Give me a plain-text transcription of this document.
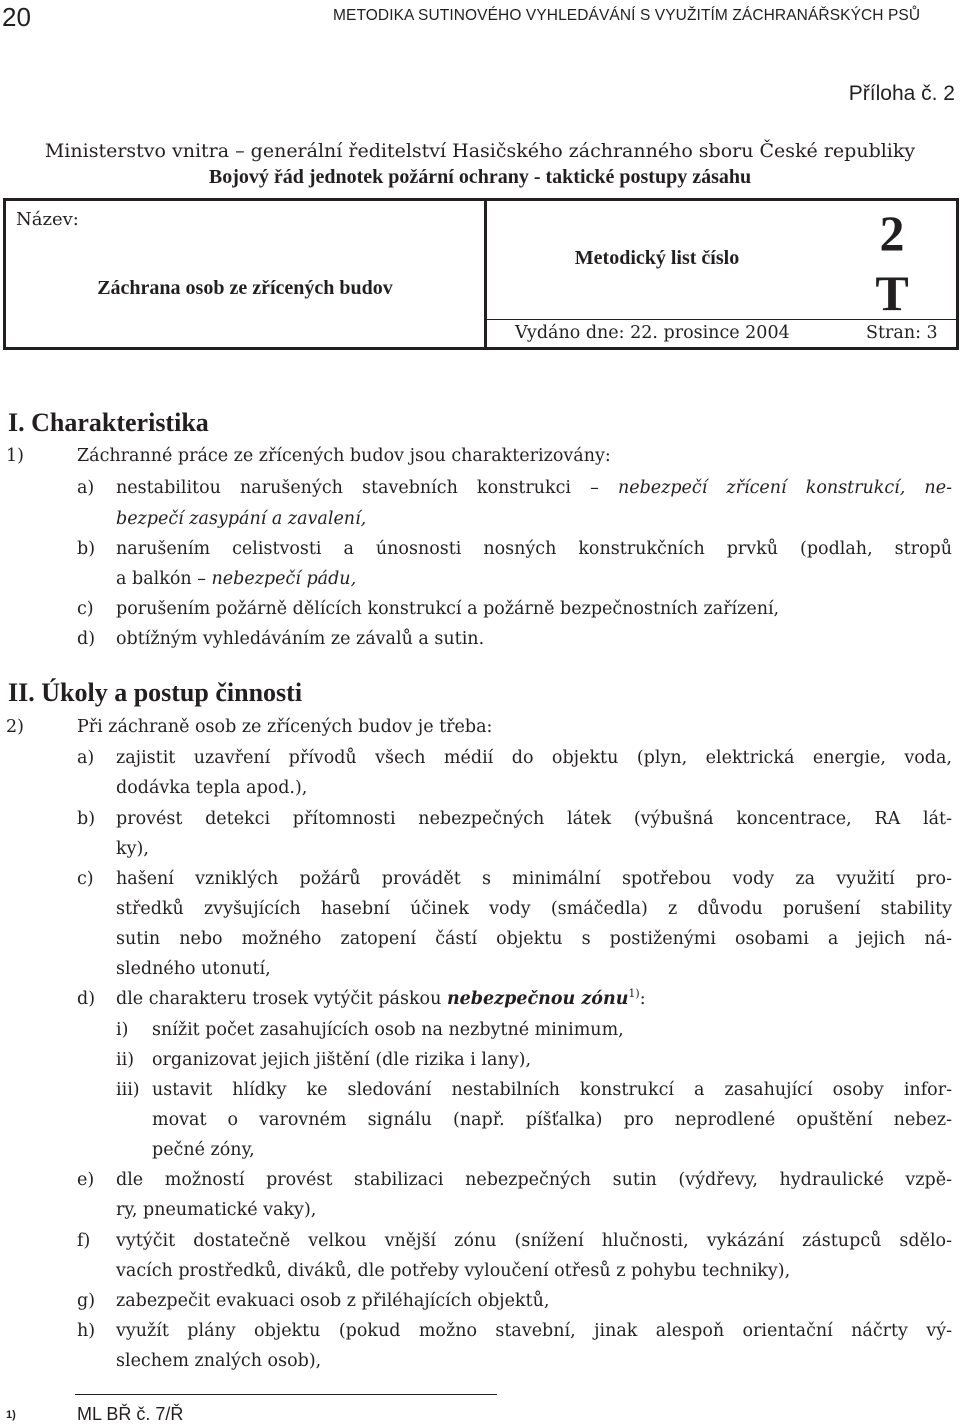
20	METODIKA SUTINOVÉHO VYHLEDÁVÁNÍ S VYUŽITÍM ZÁCHRANÁŘSKÝCH PSŮ
Příloha č. 2
Ministerstvo vnitra – generální ředitelství Hasičského záchranného sboru České republiky
Bojový řád jednotek požární ochrany - taktické postupy zásahu
Název:
Záchrana osob ze zřícených budov
Metodický list číslo	2
T
Vydáno dne: 22. prosince 2004	Stran: 3
I. Charakteristika
1)	Záchranné práce ze zřícených budov jsou charakterizovány:
a) nestabilitou narušených stavebních konstrukci – nebezpečí zřícení konstrukcí, ne-
bezpečí zasypání a zavalení,
b) narušením celistvosti a únosnosti nosných konstrukčních prvků (podlah, stropů
a balkón – nebezpečí pádu,
c) porušením požárně dělících konstrukcí a požárně bezpečnostních zařízení,
d) obtížným vyhledáváním ze závalů a sutin.
II. Úkoly a postup činnosti
2)	Při záchraně osob ze zřícených budov je třeba:
a) zajistit uzavření přívodů všech médií do objektu (plyn, elektrická energie, voda,
dodávka tepla apod.),
b) provést detekci přítomnosti nebezpečných látek (výbušná koncentrace, RA lát-
ky),
c) hašení vzniklých požárů provádět s minimální spotřebou vody za využití pro-
středků zvyšujících hasební účinek vody (smáčedla) z důvodu porušení stability
sutin nebo možného zatopení částí objektu s postiženými osobami a jejich ná-
sledného utonutí,
d) dle charakteru trosek vytýčit páskou nebezpečnou zónu$^{1)}$:
i) snížit počet zasahujících osob na nezbytné minimum,
ii) organizovat jejich jištění (dle rizika i lany),
iii) ustavit hlídky ke sledování nestabilních konstrukcí a zasahující osoby infor-
movat o varovném signálu (např. píšťalka) pro neprodlené opuštění nebez-
pečné zóny,
e) dle možností provést stabilizaci nebezpečných sutin (výdřevy, hydraulické vzpě-
ry, pneumatické vaky),
f) vytýčit dostatečně velkou vnější zónu (snížení hlučnosti, vykázání zástupců sdělo-
vacích prostředků, diváků, dle potřeby vyloučení otřesů z pohybu techniky),
g) zabezpečit evakuaci osob z přiléhajících objektů,
h) využít plány objektu (pokud možno stavební, jinak alespoň orientační náčrty vý-
slechem znalých osob),
1)	ML BŘ č. 7/Ř
